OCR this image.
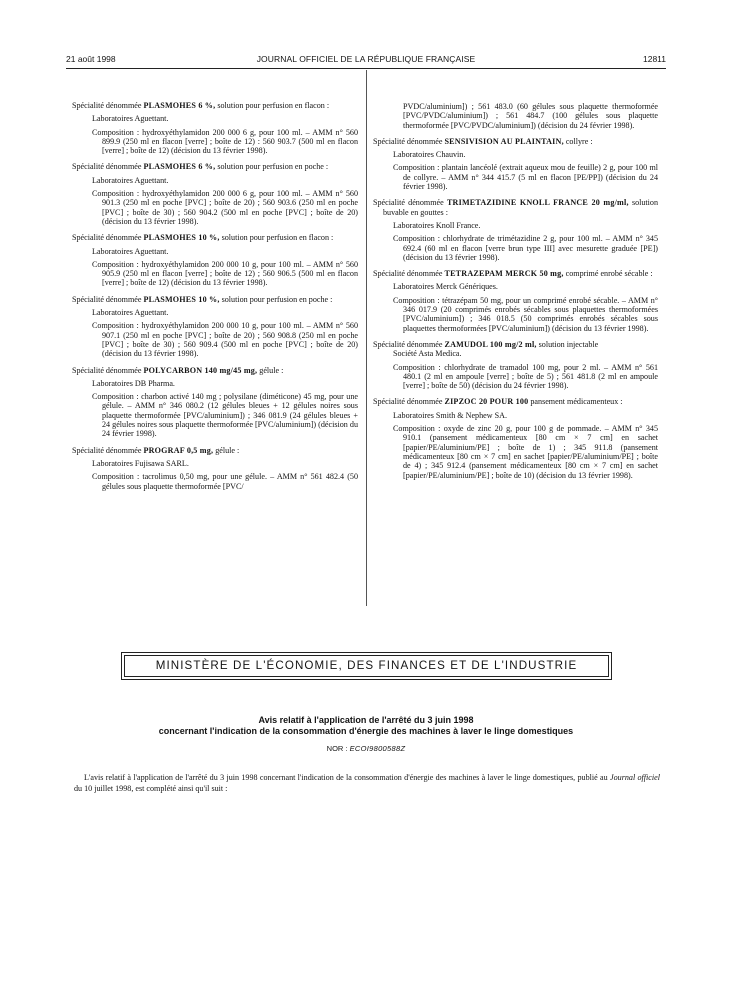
21 août 1998	JOURNAL OFFICIEL DE LA RÉPUBLIQUE FRANÇAISE	12811

Spécialité dénommée PLASMOHES 6 %, solution pour perfusion en flacon :

Laboratoires Aguettant.

Composition : hydroxyéthylamidon 200 000 6 g, pour 100 ml. – AMM n° 560 899.9 (250 ml en flacon [verre] ; boîte de 12) : 560 903.7 (500 ml en flacon [verre] ; boîte de 12) (décision du 13 février 1998).

Spécialité dénommée PLASMOHES 6 %, solution pour perfusion en poche :

Laboratoires Aguettant.

Composition : hydroxyéthylamidon 200 000 6 g, pour 100 ml. – AMM n° 560 901.3 (250 ml en poche [PVC] ; boîte de 20) ; 560 903.6 (250 ml en poche [PVC] ; boîte de 30) ; 560 904.2 (500 ml en poche [PVC] ; boîte de 20) (décision du 13 février 1998).

Spécialité dénommée PLASMOHES 10 %, solution pour perfusion en flacon :

Laboratoires Aguettant.

Composition : hydroxyéthylamidon 200 000 10 g, pour 100 ml. – AMM n° 560 905.9 (250 ml en flacon [verre] ; boîte de 12) ; 560 906.5 (500 ml en flacon [verre] ; boîte de 12) (décision du 13 février 1998).

Spécialité dénommée PLASMOHES 10 %, solution pour perfusion en poche :

Laboratoires Aguettant.

Composition : hydroxyéthylamidon 200 000 10 g, pour 100 ml. – AMM n° 560 907.1 (250 ml en poche [PVC] ; boîte de 20) ; 560 908.8 (250 ml en poche [PVC] ; boîte de 30) ; 560 909.4 (500 ml en poche [PVC] ; boîte de 20) (décision du 13 février 1998).

Spécialité dénommée POLYCARBON 140 mg/45 mg, gélule :

Laboratoires DB Pharma.

Composition : charbon activé 140 mg ; polysilane (diméticone) 45 mg, pour une gélule. – AMM n° 346 080.2 (12 gélules bleues + 12 gélules noires sous plaquette thermoformée [PVC/aluminium]) ; 346 081.9 (24 gélules bleues + 24 gélules noires sous plaquette thermoformée [PVC/aluminium]) (décision du 24 février 1998).

Spécialité dénommée PROGRAF 0,5 mg, gélule :

Laboratoires Fujisawa SARL.

Composition : tacrolimus 0,50 mg, pour une gélule. – AMM n° 561 482.4 (50 gélules sous plaquette thermoformée [PVC/

PVDC/aluminium]) ; 561 483.0 (60 gélules sous plaquette thermoformée [PVC/PVDC/aluminium]) ; 561 484.7 (100 gélules sous plaquette thermoformée [PVC/PVDC/aluminium]) (décision du 24 février 1998).

Spécialité dénommée SENSIVISION AU PLAINTAIN, collyre :

Laboratoires Chauvin.

Composition : plantain lancéolé (extrait aqueux mou de feuille) 2 g, pour 100 ml de collyre. – AMM n° 344 415.7 (5 ml en flacon [PE/PP]) (décision du 24 février 1998).

Spécialité dénommée TRIMETAZIDINE KNOLL FRANCE 20 mg/ml, solution buvable en gouttes :

Laboratoires Knoll France.

Composition : chlorhydrate de trimétazidine 2 g, pour 100 ml. – AMM n° 345 692.4 (60 ml en flacon [verre brun type III] avec mesurette graduée [PE]) (décision du 13 février 1998).

Spécialité dénommée TETRAZEPAM MERCK 50 mg, comprimé enrobé sécable :

Laboratoires Merck Génériques.

Composition : tétrazépam 50 mg, pour un comprimé enrobé sécable. – AMM n° 346 017.9 (20 comprimés enrobés sécables sous plaquettes thermoformées [PVC/aluminium]) ; 346 018.5 (50 comprimés enrobés sécables sous plaquettes thermoformées [PVC/aluminium]) (décision du 13 février 1998).

Spécialité dénommée ZAMUDOL 100 mg/2 ml, solution injectable

Société Asta Medica.

Composition : chlorhydrate de tramadol 100 mg, pour 2 ml. – AMM n° 561 480.1 (2 ml en ampoule [verre] ; boîte de 5) ; 561 481.8 (2 ml en ampoule [verre] ; boîte de 50) (décision du 24 février 1998).

Spécialité dénommée ZIPZOC 20 POUR 100 pansement médicamenteux :

Laboratoires Smith & Nephew SA.

Composition : oxyde de zinc 20 g, pour 100 g de pommade. – AMM n° 345 910.1 (pansement médicamenteux [80 cm × 7 cm] en sachet [papier/PE/aluminium/PE] ; boîte de 1) ; 345 911.8 (pansement médicamenteux [80 cm × 7 cm] en sachet [papier/PE/aluminium/PE] ; boîte de 4) ; 345 912.4 (pansement médicamenteux [80 cm × 7 cm] en sachet [papier/PE/aluminium/PE] ; boîte de 10) (décision du 13 février 1998).

MINISTÈRE DE L'ÉCONOMIE, DES FINANCES ET DE L'INDUSTRIE
Avis relatif à l'application de l'arrêté du 3 juin 1998
concernant l'indication de la consommation d'énergie des machines à laver le linge domestiques
NOR : ECOI9800588Z

L'avis relatif à l'application de l'arrêté du 3 juin 1998 concernant l'indication de la consommation d'énergie des machines à laver le linge domestiques, publié au Journal officiel du 10 juillet 1998, est complété ainsi qu'il suit :
